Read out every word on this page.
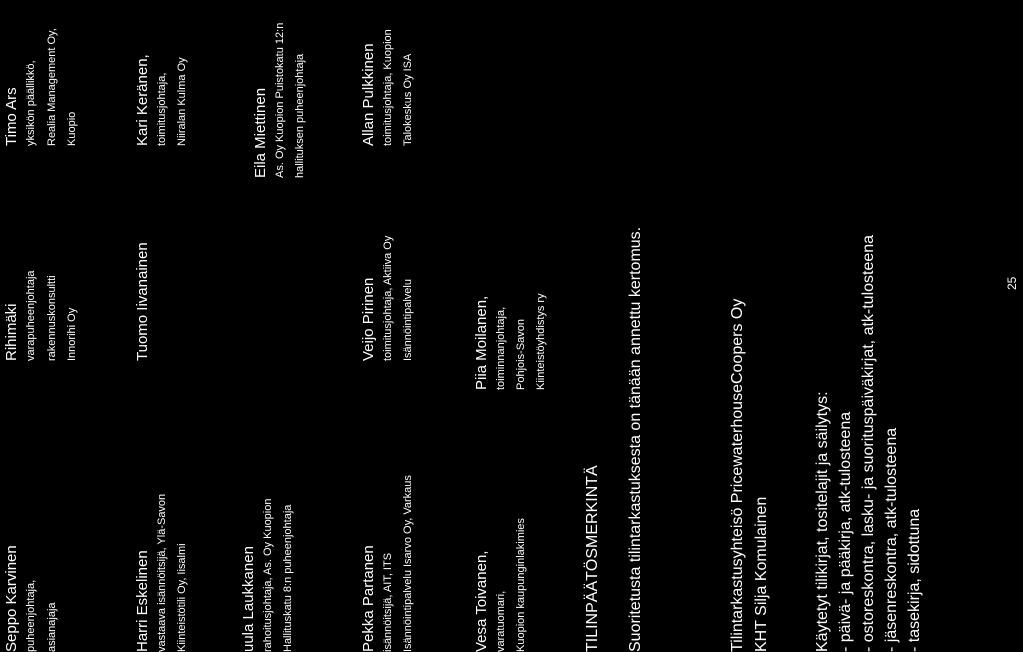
Seppo Karvinen puheenjohtaja, asianajaja
Rihimäki varapuheenjohtaja rakennuskonsultti Innorihi Oy
Timo Ars yksikön päällikkö, Realia Management Oy, Kuopio
Harri Eskelinen vastaava isännöitsijä, Ylä-Savon Kiinteistötili Oy, Iisalmi
Tuomo Iivanainen
Kari Keränen, toimitusjohtaja, Niiralan Kulma Oy
uula Laukkanen rahoitusjohtaja, As. Oy Kuopion Hallituskatu 8:n puheenjohtaja
Eila Miettinen As. Oy Kuopion Puistokatu 12:n hallituksen puheenjohtaja
Pekka Partanen isännöitsijä, AIT, ITS Isännöintipalvelu Isarvo Oy, Varkaus
Veijo Pirinen toimitusjohtaja, Aktiiva Oy Isännöintipalvelu
Allan Pulkkinen toimitusjohtaja, Kuopion Talokeskus Oy ISA
Vesa Toivanen, varatuomari, Kuopion kaupunginlakimies
Piia Moilanen, toiminnanjohtaja, Pohjois-Savon Kiinteistöyhdistys ry
TILINPÄÄTÖSMERKINTÄ Suoritetusta tilintarkastuksesta on tänään annettu kertomus.	Tilintarkastusyhteisö PricewaterhouseCoopers Oy KHT Silja Komulainen	Käytetyt tilikirjat, tositelajit ja säilytys: - päivä- ja pääkirja, atk-tulosteena - ostoreskontra, lasku- ja suorituspäiväkirjat, atk-tulosteena - jäsenreskontra, atk-tulosteena - tasekirja, sidottuna
25
